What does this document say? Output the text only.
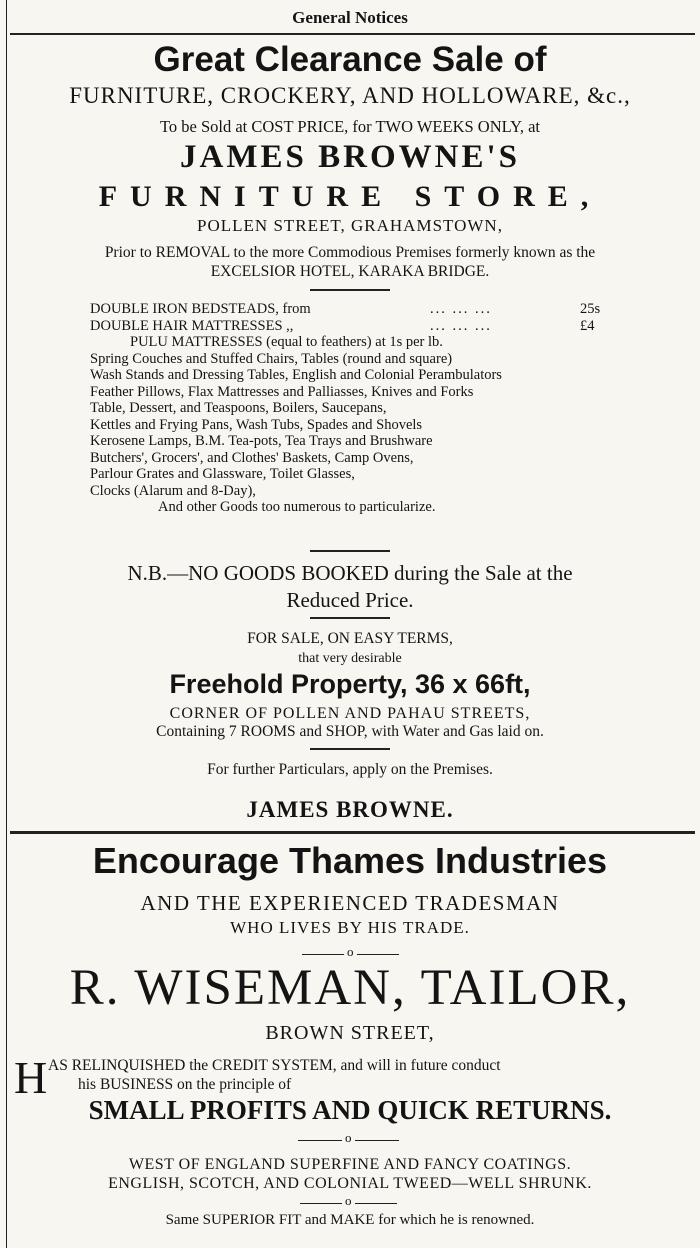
General Notices
Great Clearance Sale of
FURNITURE, CROCKERY, AND HOLLOWARE, &c.,
To be Sold at COST PRICE, for TWO WEEKS ONLY, at
JAMES BROWNE'S
FURNITURE STORE,
POLLEN STREET, GRAHAMSTOWN,
Prior to REMOVAL to the more Commodious Premises formerly known as the
EXCELSIOR HOTEL, KARAKA BRIDGE.
DOUBLE IRON BEDSTEADS, from	... ... ...	25s
DOUBLE HAIR MATTRESSES ,,	... ... ...	£4
PULU MATTRESSES (equal to feathers) at 1s per lb.
Spring Couches and Stuffed Chairs, Tables (round and square)
Wash Stands and Dressing Tables, English and Colonial Perambulators
Feather Pillows, Flax Mattresses and Palliasses, Knives and Forks
Table, Dessert, and Teaspoons, Boilers, Saucepans,
Kettles and Frying Pans, Wash Tubs, Spades and Shovels
Kerosene Lamps, B.M. Tea-pots, Tea Trays and Brushware
Butchers', Grocers', and Clothes' Baskets, Camp Ovens,
Parlour Grates and Glassware, Toilet Glasses,
Clocks (Alarum and 8-Day),
And other Goods too numerous to particularize.
N.B.—NO GOODS BOOKED during the Sale at the
Reduced Price.
FOR SALE, ON EASY TERMS,
that very desirable
Freehold Property, 36 x 66ft,
CORNER OF POLLEN AND PAHAU STREETS,
Containing 7 ROOMS and SHOP, with Water and Gas laid on.
For further Particulars, apply on the Premises.
JAMES BROWNE.
Encourage Thames Industries
AND THE EXPERIENCED TRADESMAN
WHO LIVES BY HIS TRADE.
o
R. WISEMAN, TAILOR,
BROWN STREET,
H AS RELINQUISHED the CREDIT SYSTEM, and will in future conduct
his BUSINESS on the principle of
SMALL PROFITS AND QUICK RETURNS.
o
WEST OF ENGLAND SUPERFINE AND FANCY COATINGS.
ENGLISH, SCOTCH, AND COLONIAL TWEED—WELL SHRUNK.
o
Same SUPERIOR FIT and MAKE for which he is renowned.
